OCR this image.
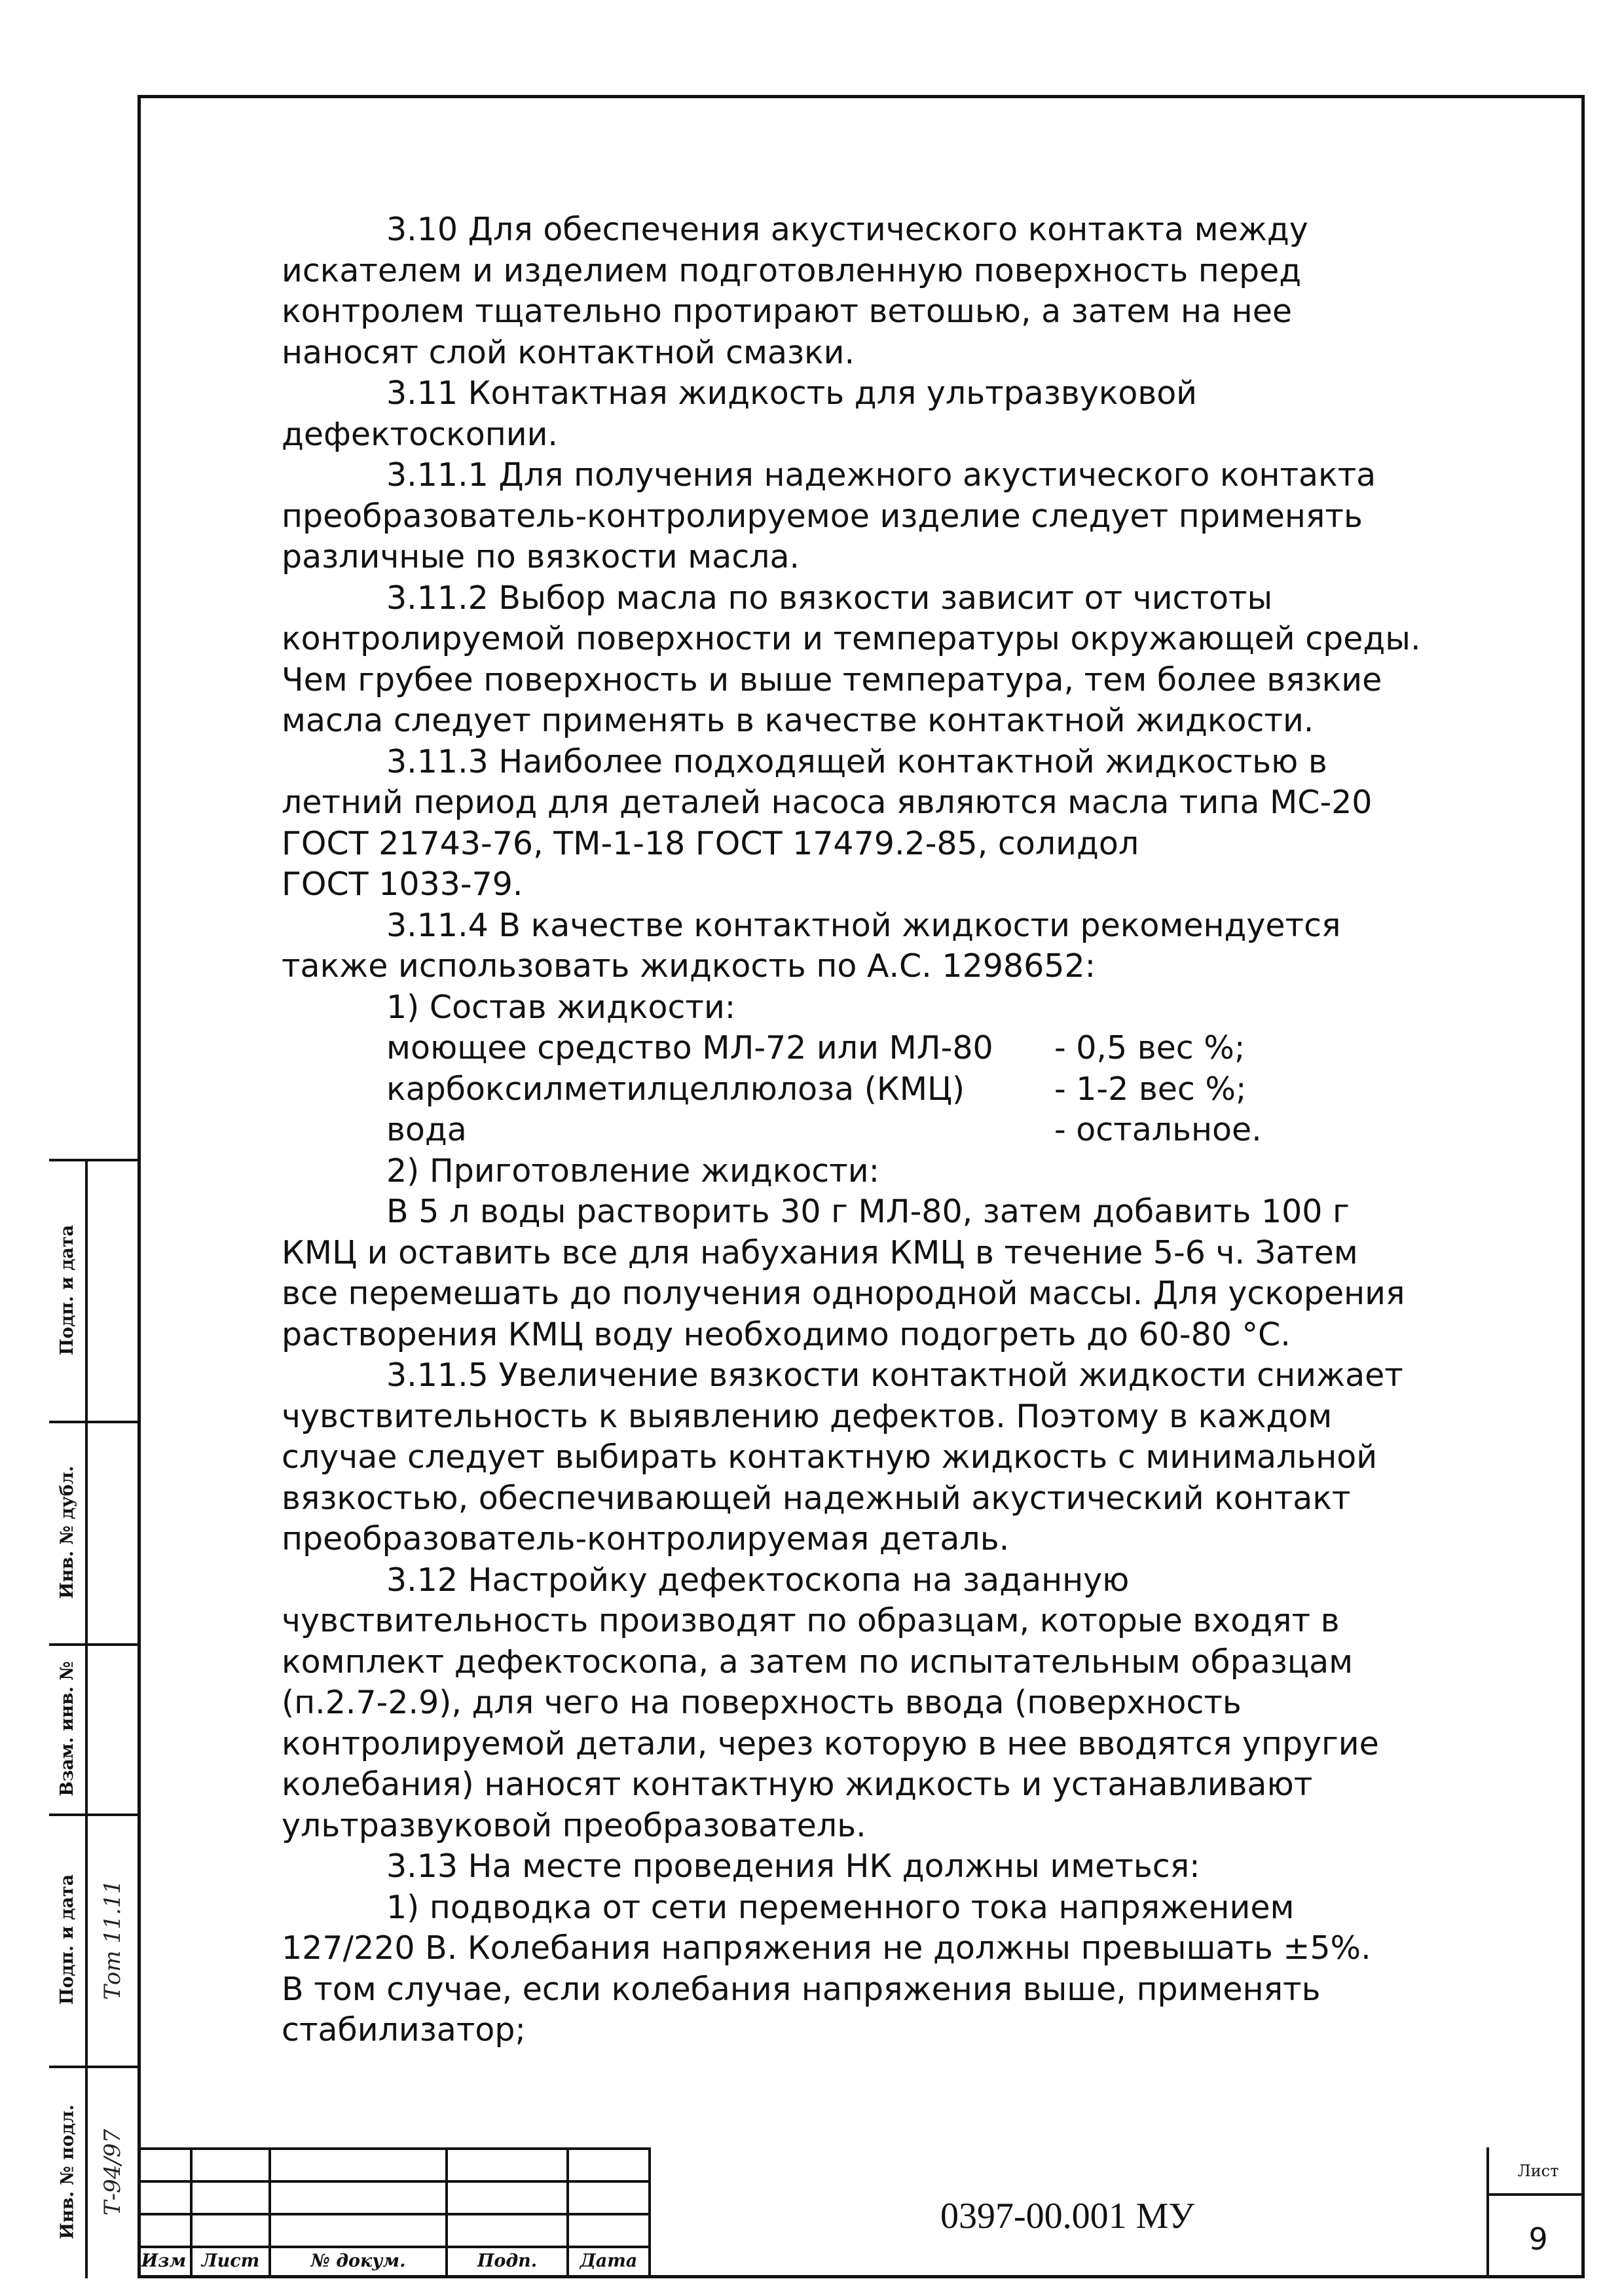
3.10 Для обеспечения акустического контакта между

искателем и изделием подготовленную поверхность перед

контролем тщательно протирают ветошью, а затем на нее

наносят слой контактной смазки.

3.11 Контактная жидкость для ультразвуковой

дефектоскопии.

3.11.1 Для получения надежного акустического контакта

преобразователь-контролируемое изделие следует применять

различные по вязкости масла.

3.11.2 Выбор масла по вязкости зависит от чистоты

контролируемой поверхности и температуры окружающей среды.

Чем грубее поверхность и выше температура, тем более вязкие

масла следует применять в качестве контактной жидкости.

3.11.3 Наиболее подходящей контактной жидкостью в

летний период для деталей насоса являются масла типа МС-20

ГОСТ 21743-76, ТМ-1-18 ГОСТ 17479.2-85, солидол

ГОСТ 1033-79.

3.11.4 В качестве контактной жидкости рекомендуется

также использовать жидкость по А.С. 1298652:

1) Состав жидкости:

моющее средство МЛ-72 или МЛ-80	- 0,5 вес %;
карбоксилметилцеллюлоза (КМЦ)	- 1-2 вес %;
вода	- остальное.

2) Приготовление жидкости:

В 5 л воды растворить 30 г МЛ-80, затем добавить 100 г

КМЦ и оставить все для набухания КМЦ в течение 5-6 ч. Затем

все перемешать до получения однородной массы. Для ускорения

растворения КМЦ воду необходимо подогреть до 60-80 °С.

3.11.5 Увеличение вязкости контактной жидкости снижает

чувствительность к выявлению дефектов. Поэтому в каждом

случае следует выбирать контактную жидкость с минимальной

вязкостью, обеспечивающей надежный акустический контакт

преобразователь-контролируемая деталь.

3.12 Настройку дефектоскопа на заданную

чувствительность производят по образцам, которые входят в

комплект дефектоскопа, а затем по испытательным образцам

(п.2.7-2.9), для чего на поверхность ввода (поверхность

контролируемой детали, через которую в нее вводятся упругие

колебания) наносят контактную жидкость и устанавливают

ультразвуковой преобразователь.

3.13 На месте проведения НК должны иметься:

1) подводка от сети переменного тока напряжением

127/220 В. Колебания напряжения не должны превышать ±5%.

В том случае, если колебания напряжения выше, применять

стабилизатор;

Подп. и дата
Инв. № дубл.
Взам. инв. №
Подп. и дата
Инв. № подл.
Тот 11.11
Т-94/97
Изм Лист	№ докум.	Подп.	Дата
0397-00.001 МУ
Лист
9
